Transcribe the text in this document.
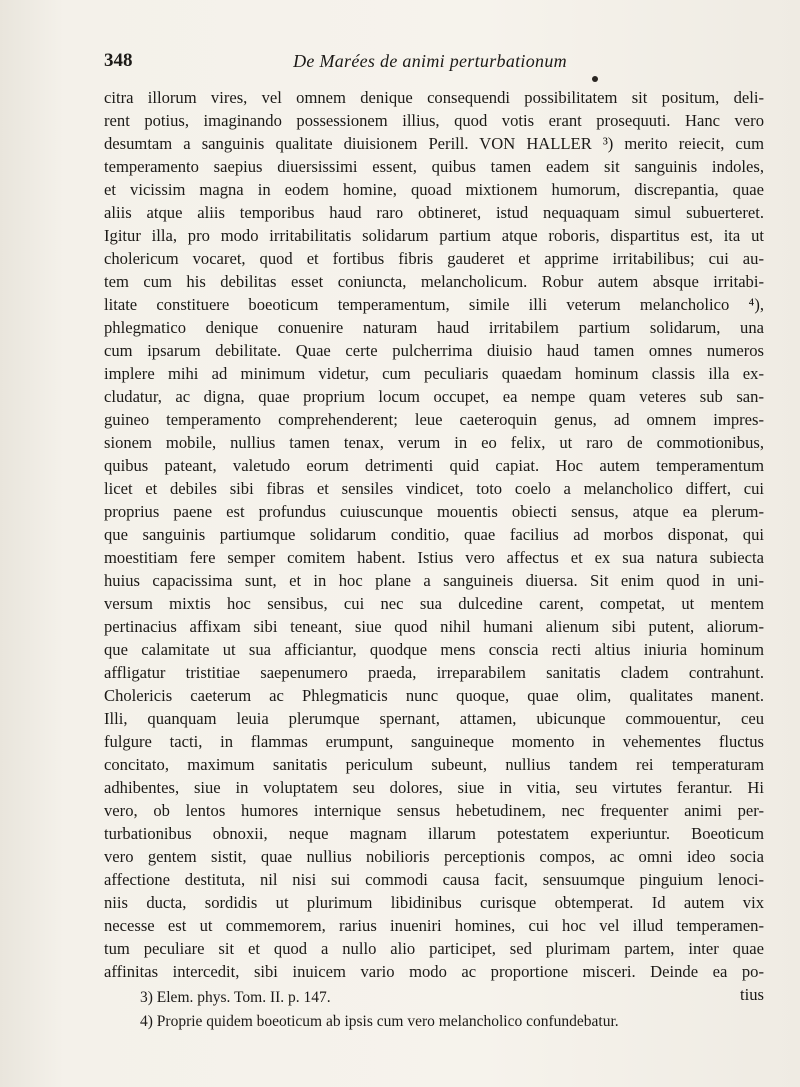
348	De Marées de animi perturbationum
citra illorum vires, vel omnem denique consequendi possibilitatem sit positum, deli-
rent potius, imaginando possessionem illius, quod votis erant prosequuti. Hanc vero
desumtam a sanguinis qualitate diuisionem Perill. VON HALLER ³) merito reiecit, cum
temperamento saepius diuersissimi essent, quibus tamen eadem sit sanguinis indoles,
et vicissim magna in eodem homine, quoad mixtionem humorum, discrepantia, quae
aliis atque aliis temporibus haud raro obtineret, istud nequaquam simul subuerteret.
Igitur illa, pro modo irritabilitatis solidarum partium atque roboris, dispartitus est, ita ut
cholericum vocaret, quod et fortibus fibris gauderet et apprime irritabilibus; cui au-
tem cum his debilitas esset coniuncta, melancholicum. Robur autem absque irritabi-
litate constituere boeoticum temperamentum, simile illi veterum melancholico ⁴),
phlegmatico denique conuenire naturam haud irritabilem partium solidarum, una
cum ipsarum debilitate. Quae certe pulcherrima diuisio haud tamen omnes numeros
implere mihi ad minimum videtur, cum peculiaris quaedam hominum classis illa ex-
cludatur, ac digna, quae proprium locum occupet, ea nempe quam veteres sub san-
guineo temperamento comprehenderent; leue caeteroquin genus, ad omnem impres-
sionem mobile, nullius tamen tenax, verum in eo felix, ut raro de commotionibus,
quibus pateant, valetudo eorum detrimenti quid capiat. Hoc autem temperamentum
licet et debiles sibi fibras et sensiles vindicet, toto coelo a melancholico differt, cui
proprius paene est profundus cuiuscunque mouentis obiecti sensus, atque ea plerum-
que sanguinis partiumque solidarum conditio, quae facilius ad morbos disponat, qui
moestitiam fere semper comitem habent. Istius vero affectus et ex sua natura subiecta
huius capacissima sunt, et in hoc plane a sanguineis diuersa. Sit enim quod in uni-
versum mixtis hoc sensibus, cui nec sua dulcedine carent, competat, ut mentem
pertinacius affixam sibi teneant, siue quod nihil humani alienum sibi putent, aliorum-
que calamitate ut sua afficiantur, quodque mens conscia recti altius iniuria hominum
affligatur tristitiae saepenumero praeda, irreparabilem sanitatis cladem contrahunt.
Cholericis caeterum ac Phlegmaticis nunc quoque, quae olim, qualitates manent.
Illi, quanquam leuia plerumque spernant, attamen, ubicunque commouentur, ceu
fulgure tacti, in flammas erumpunt, sanguineque momento in vehementes fluctus
concitato, maximum sanitatis periculum subeunt, nullius tandem rei temperaturam
adhibentes, siue in voluptatem seu dolores, siue in vitia, seu virtutes ferantur. Hi
vero, ob lentos humores internique sensus hebetudinem, nec frequenter animi per-
turbationibus obnoxii, neque magnam illarum potestatem experiuntur. Boeoticum
vero gentem sistit, quae nullius nobilioris perceptionis compos, ac omni ideo socia
affectione destituta, nil nisi sui commodi causa facit, sensuumque pinguium lenoci-
niis ducta, sordidis ut plurimum libidinibus curisque obtemperat. Id autem vix
necesse est ut commemorem, rarius inueniri homines, cui hoc vel illud temperamen-
tum peculiare sit et quod a nullo alio participet, sed plurimam partem, inter quae
affinitas intercedit, sibi inuicem vario modo ac proportione misceri. Deinde ea po-
tius
3) Elem. phys. Tom. II. p. 147.
4) Proprie quidem boeoticum ab ipsis cum vero melancholico confundebatur.
